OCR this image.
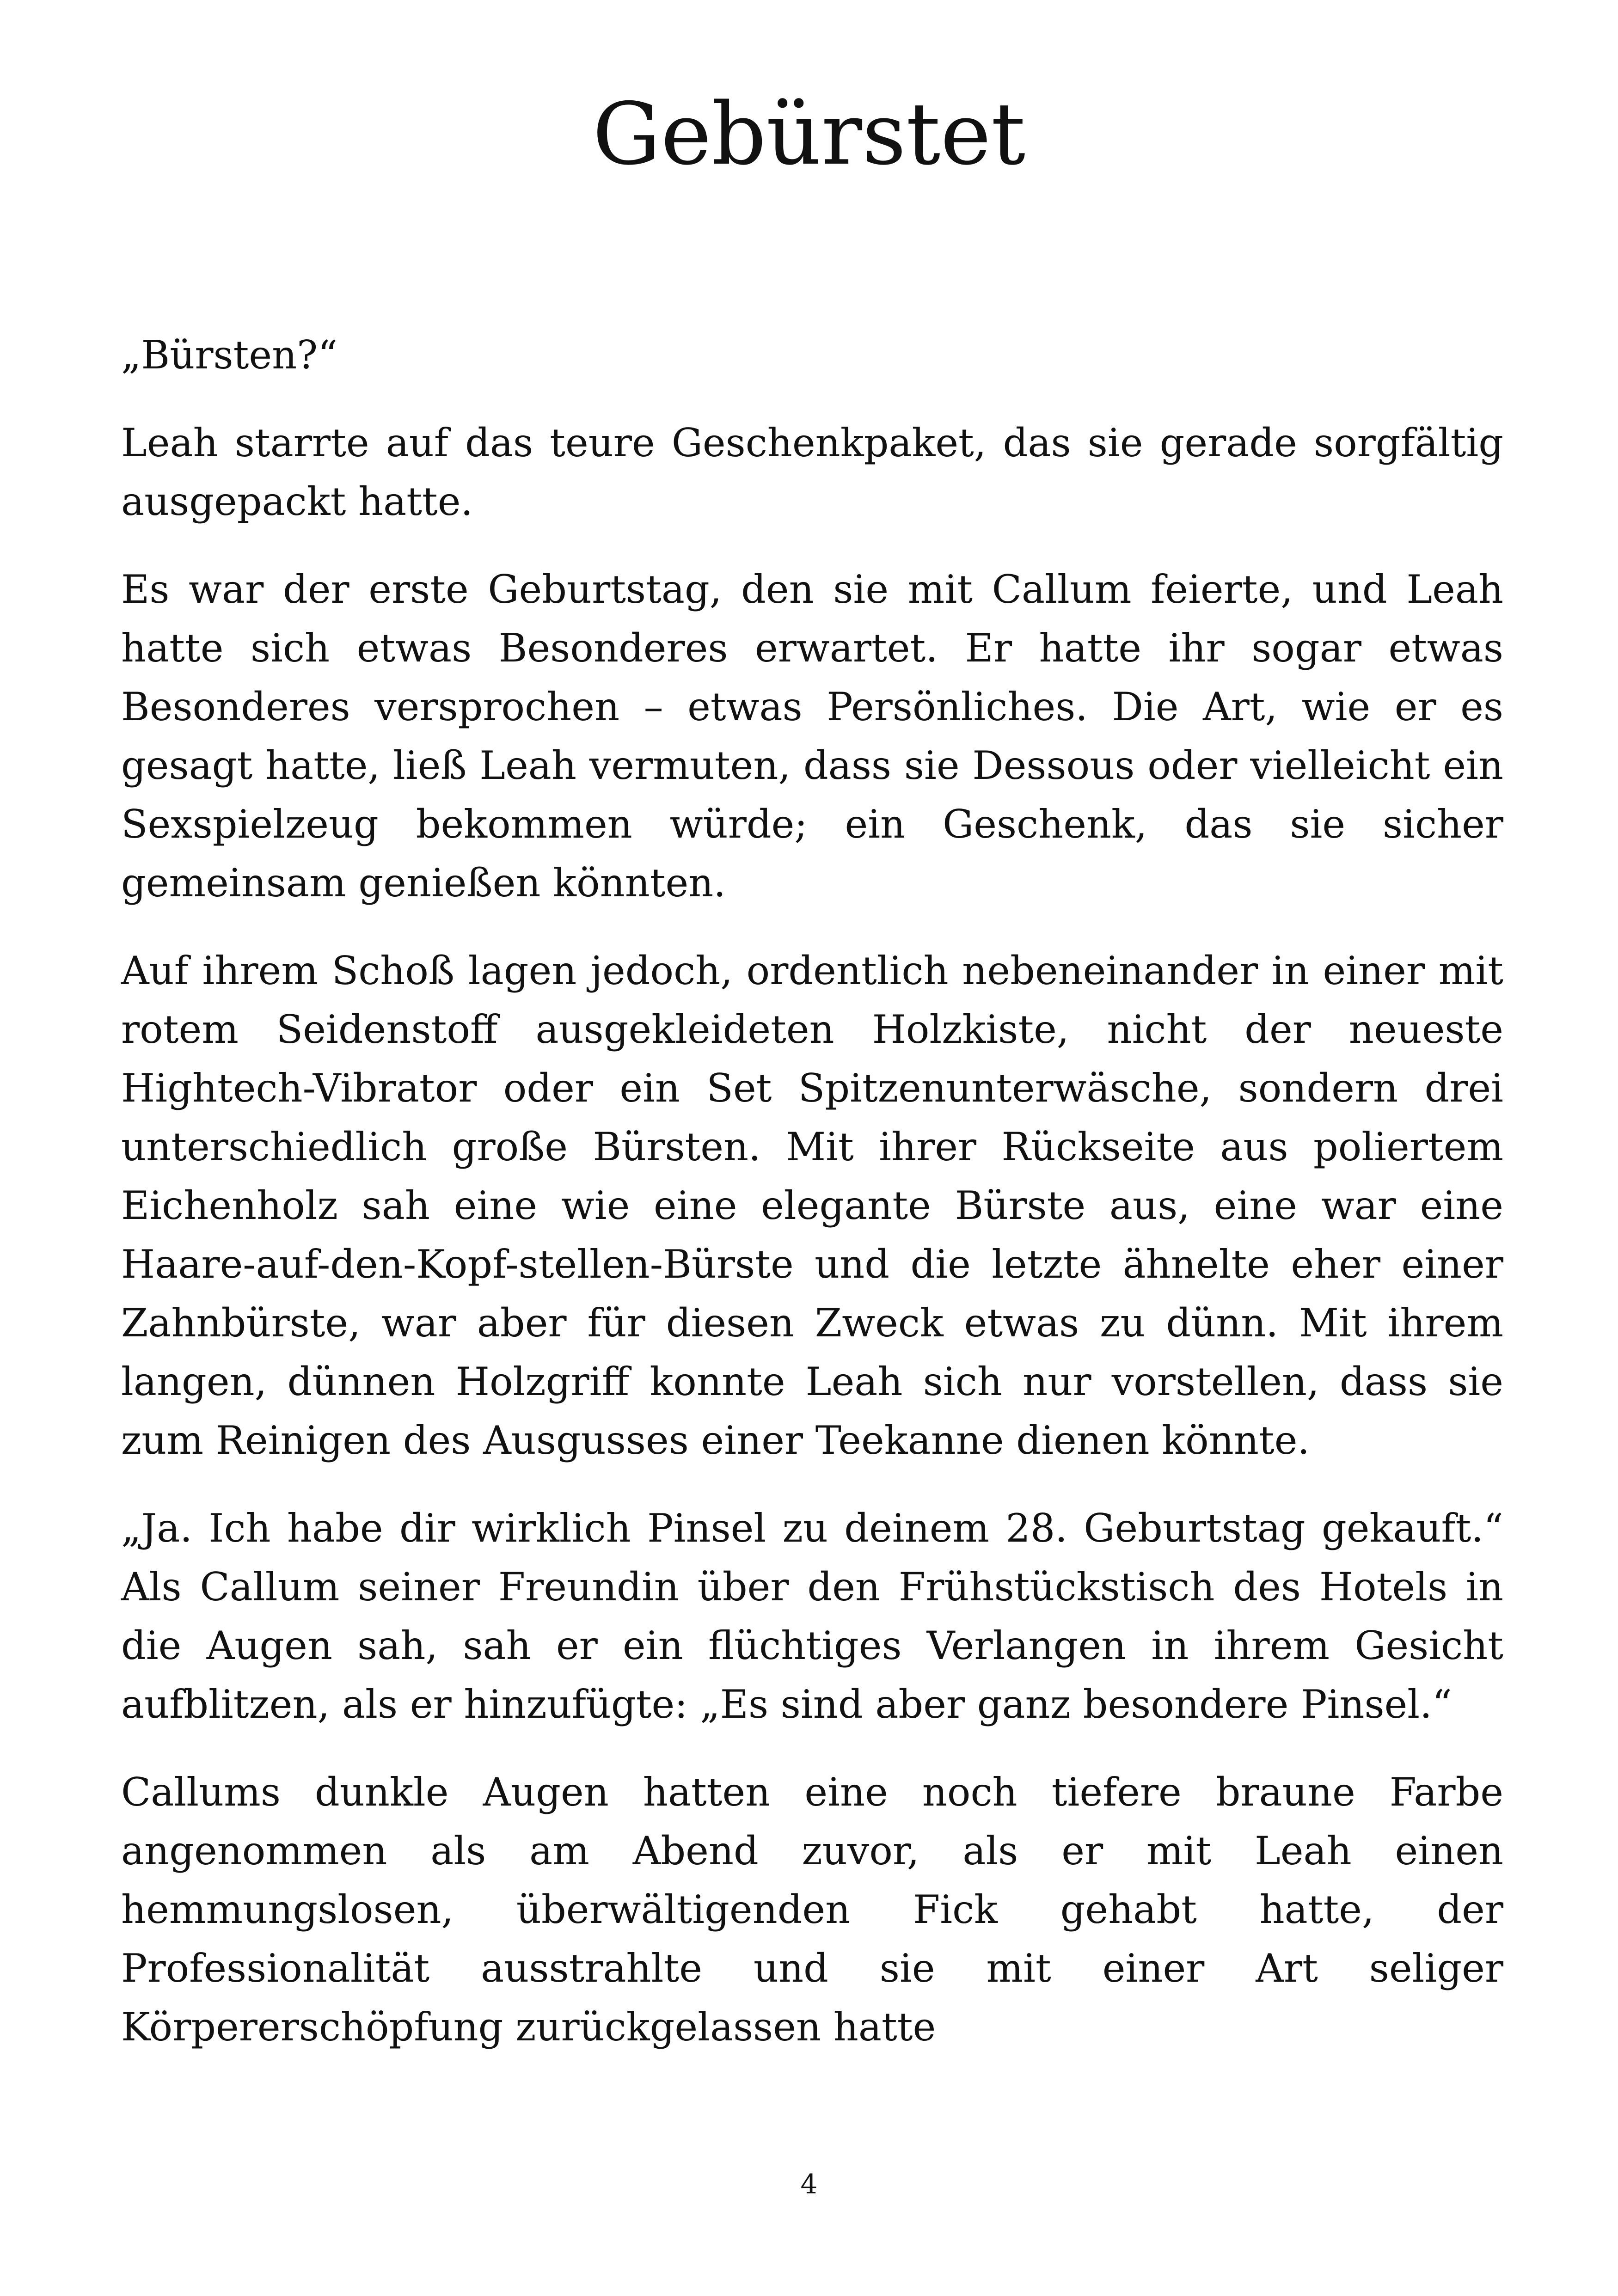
Gebürstet

„Bürsten?“

Leah starrte auf das teure Geschenkpaket, das sie gerade sorgfältig ausgepackt hatte.

Es war der erste Geburtstag, den sie mit Callum feierte, und Leah hatte sich etwas Besonderes erwartet. Er hatte ihr sogar etwas Besonderes versprochen – etwas Persönliches. Die Art, wie er es gesagt hatte, ließ Leah vermuten, dass sie Dessous oder vielleicht ein Sexspielzeug bekommen würde; ein Geschenk, das sie sicher gemeinsam genießen könnten.

Auf ihrem Schoß lagen jedoch, ordentlich nebeneinander in einer mit rotem Seidenstoff ausgekleideten Holzkiste, nicht der neueste Hightech-Vibrator oder ein Set Spitzenunterwäsche, sondern drei unterschiedlich große Bürsten. Mit ihrer Rückseite aus poliertem Eichenholz sah eine wie eine elegante Bürste aus, eine war eine Haare-auf-den-Kopf-stellen-Bürste und die letzte ähnelte eher einer Zahnbürste, war aber für diesen Zweck etwas zu dünn. Mit ihrem langen, dünnen Holzgriff konnte Leah sich nur vorstellen, dass sie zum Reinigen des Ausgusses einer Teekanne dienen könnte.

„Ja. Ich habe dir wirklich Pinsel zu deinem 28. Geburtstag gekauft.“ Als Callum seiner Freundin über den Frühstückstisch des Hotels in die Augen sah, sah er ein flüchtiges Verlangen in ihrem Gesicht aufblitzen, als er hinzufügte: „Es sind aber ganz besondere Pinsel.“

Callums dunkle Augen hatten eine noch tiefere braune Farbe angenommen als am Abend zuvor, als er mit Leah einen hemmungslosen, überwältigenden Fick gehabt hatte, der Professionalität ausstrahlte und sie mit einer Art seliger Körpererschöpfung zurückgelassen hatte

4
